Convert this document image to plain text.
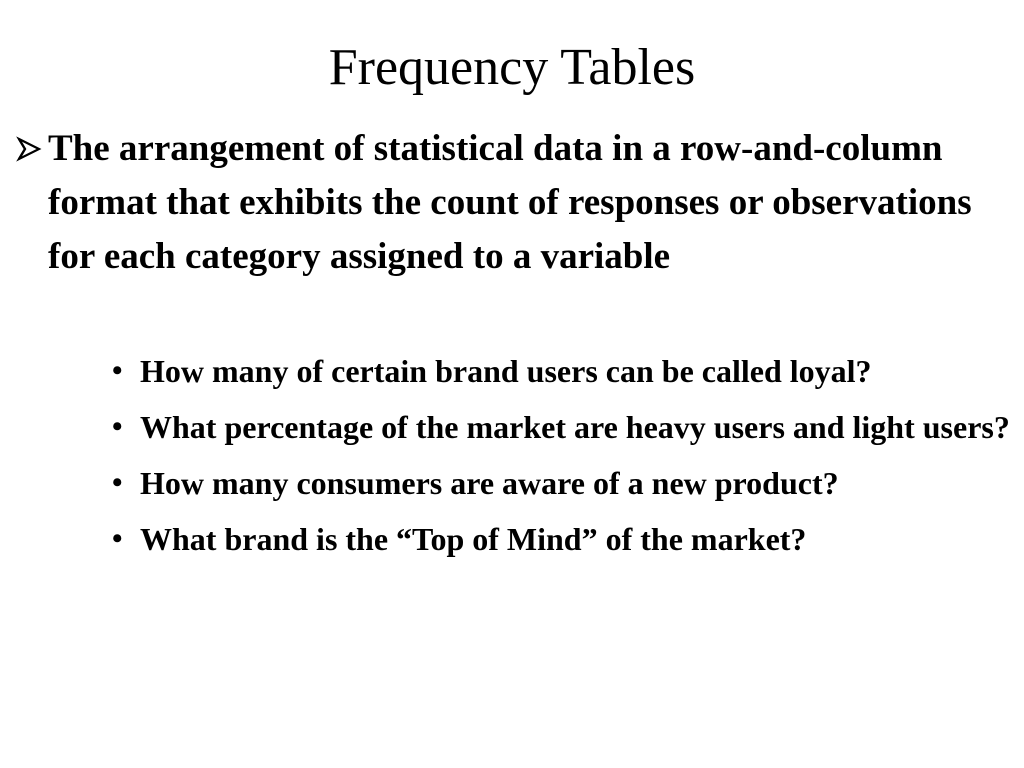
Frequency Tables

The arrangement of statistical data in a row-and-column format that exhibits the count of responses or observations for each category assigned to a variable

• How many of certain brand users can be called loyal?
• What percentage of the market are heavy users and light users?
• How many consumers are aware of a new product?
• What brand is the “Top of Mind” of the market?
